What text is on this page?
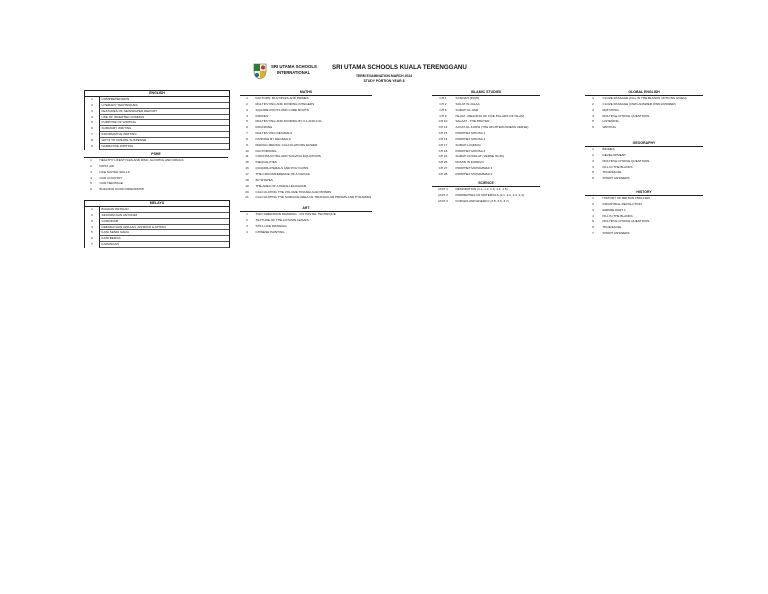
SRI UTAMA SCHOOLS
INTERNATIONAL
SRI UTAMA SCHOOLS KUALA TERENGGANU
TERM EXAMINATION MARCH 2024
STUDY PORTION YEAR 8
ENGLISH
1	COMPREHENSION
2	LITERARY TECHNIQUES
3	FEATURES OF NEWSPAPER REPORT
4	USE OF INVERTED COMMAS
5	PURPOSE OF WRITING
6	SUMMARY WRITING
7	INFORMATIVE WRITING
8	WAYS TO CREATE SUSPENSE
9	NARRATIVE WRITING
PSHE
1	HEALTHY LIFESTYLES AND RISK: ALCOHOL AND DRUGS
2	FIRST AID
3	LIFE SAVING SKILLS
4	OUR COUNTRY
5	OUR HERITAGE
6	BUILDING GOOD FRIENDSHIP
MELAYU
1	BIJAKAN PETIKAN
2	SINONIM DAN ANTONIM
3	GURINDAM
4	KEBUDAYAAN AWALAN, AKHIRAN & APITAN
5	KATA SENDI NAMA
6	KATA BERGA
7	KARANGAN
MATHS
1	FACTORS, MULTIPLES AND PRIMES
2	MULTIPLYING AND DIVIDING INTEGERS
3	SQUARE ROOTS AND CUBE ROOTS
4	INDICES
5	MULTIPLYING AND DIVIDING BY 0.1 AND 0.01
6	ROUNDING
7	MULTIPLYING DECIMALS
8	DIVIDING BY DECIMALS
9	MAKING MENTAL CALCULATIONS EASIER
10	FACTORISING
11	CONSTRUCTING AND SOLVING EQUATIONS
15	INEQUALITIES
16	QUADRILATERALS AND POLYGONS
17	THE CIRCUMFERENCE OF A CIRCLE
18	3D SHAPES
19	THE AREA OF A PARALLELOGRAM
20	CALCULATING THE VOLUME TRIANGULAR PRISMS
21	CALCULATING THE SURFACE AREA OF TRIANGULAR PRISMS AND PYRAMIDS
ART
1	TWO DIMENSION DRAWING - OIL PASTEL TECHNIQUE
2	TEXTURE OF THE AUTUMN LEAVES
3	STILL LIFE DRAWING
4	CHINESE PAINTING
ISLAMIC STUDIES
CH 1	SYARIAH (FIQH)
CH 2	SOLAT IN JALAA
CH 8	SURAH AL-ASR
CH 9	ISLAM - MEANING OF FIVE PILLARS OF ISLAM
CH 10	SALAAT - THE PRAYER
CH 12	AAYAT-UL-KURSI (THE RIGHTEOUSNESS VERSE)
CH 15	PROPHET MOOSA 1
CH 16	PROPHET MOOSA 2
CH 17	SURAH LUQMAN
CH 18	PROPHET MOOSA 3
CH 22	SURAH FUSSILAT (VERSE 30-36)
CH 25	MUMIN IN FOREVO
CH 27	PROPHET MUHAMMAD 1
CH 28	PROPHET MUHAMMAD 2
SCIENCE
UNIT 1	RESPIRATION (1.1, 1.2, 1.3, 1.4, 1.5)
UNIT 2	PROPERTIES OF MATERIALS (2.1, 2.2, 2.3, 2.4)
UNIT 3	FORCES AND ENERGY (3.5, 3.6, 3.7)
GLOBAL ENGLISH
1	CLOZE PASSAGE (FILL IN THE BLANKS OPTIONS GIVEN)
2	CLOZE PASSAGE (OWN ANSWER OWN ANSWER)
3	MATCHING
4	MULTIPLE CHOICE QUESTIONS
5	LISTENING
6	WRITING
GEOGRAPHY
1	BIOMES
2	DEVELOPMENT
3	MULTIPLE CHOICE QUESTIONS
4	FILL IN THE BLANKS
5	TRUE/FALSE
6	SHORT ANSWERS
HISTORY
1	HISTORY OF BRITAIN 1500-1900
2	INDUSTRIAL REVOLUTION
3	EMPIRE PART 1
4	FILL IN THE BLANKS
5	MULTIPLE CHOICE QUESTIONS
6	TRUE/FALSE
7	SHORT ANSWERS
